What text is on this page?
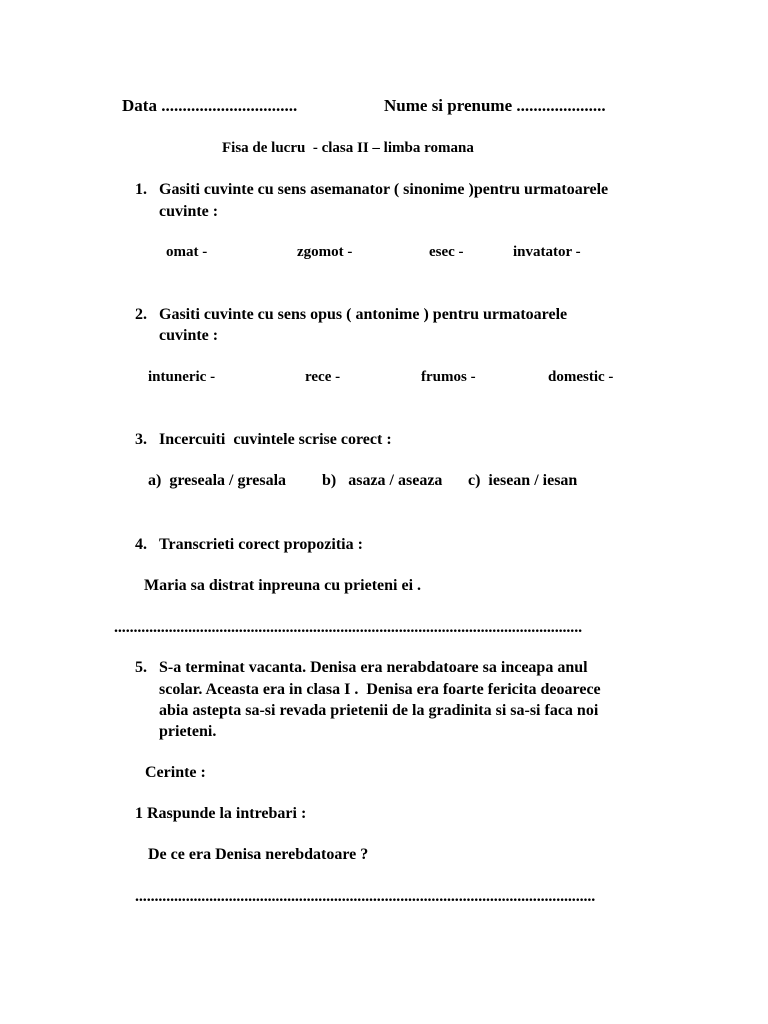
Data ................................	Nume si prenume .....................
Fisa de lucru  - clasa II – limba romana
1. Gasiti cuvinte cu sens asemanator ( sinonime )pentru urmatoarele
cuvinte :
omat -	zgomot -	esec -	invatator -
2. Gasiti cuvinte cu sens opus ( antonime ) pentru urmatoarele
cuvinte :
intuneric -	rece -	frumos -	domestic -
3. Incercuiti  cuvintele scrise corect :
a)  greseala / gresala b)   asaza / aseaza c)  iesean / iesan
4. Transcrieti corect propozitia :
Maria sa distrat inpreuna cu prieteni ei .
........................................................................................................................
5. S-a terminat vacanta. Denisa era nerabdatoare sa inceapa anul
scolar. Aceasta era in clasa I .  Denisa era foarte fericita deoarece
abia astepta sa-si revada prietenii de la gradinita si sa-si faca noi
prieteni.
Cerinte :
1 Raspunde la intrebari :
De ce era Denisa nerebdatoare ?
......................................................................................................................
